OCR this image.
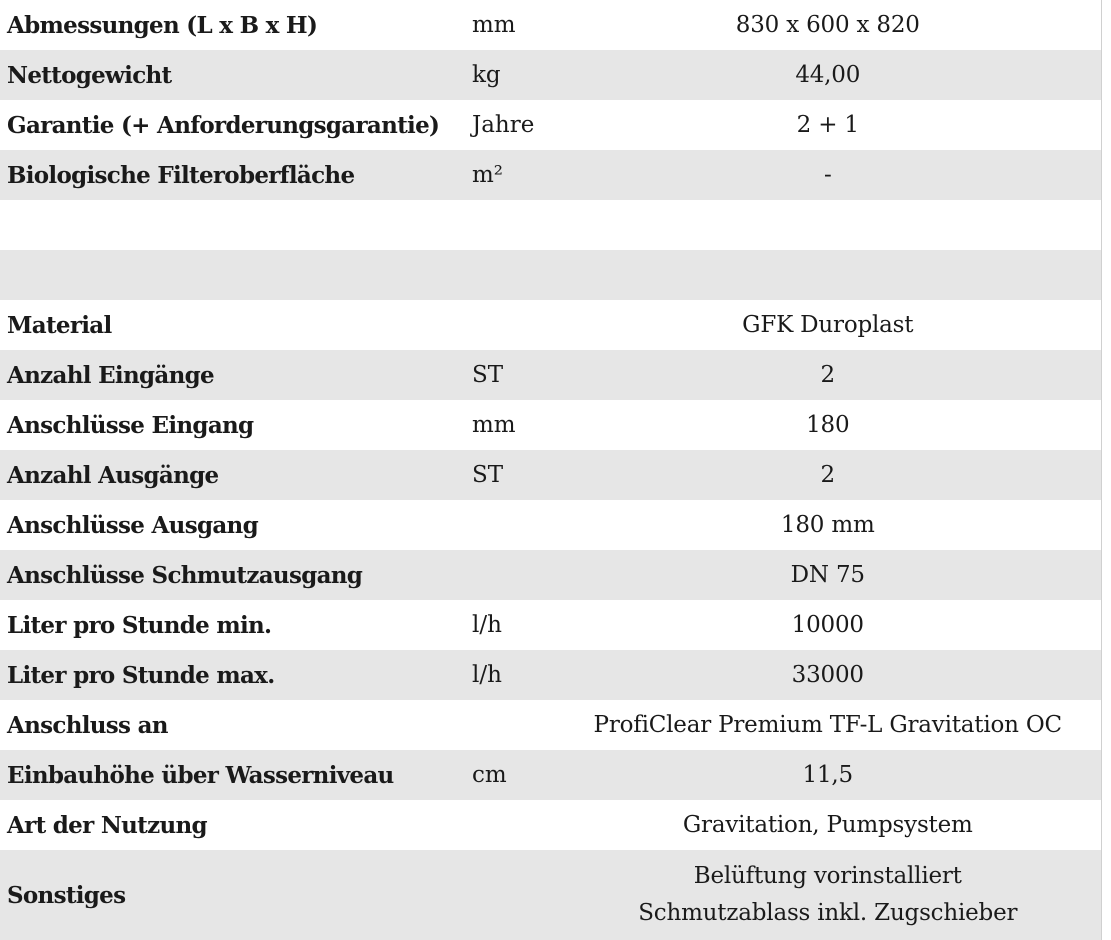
Abmessungen (L x B x H)	mm	830 x 600 x 820
Nettogewicht	kg	44,00
Garantie (+ Anforderungsgarantie)	Jahre	2 + 1
Biologische Filteroberfläche	m²	-

Material		GFK Duroplast
Anzahl Eingänge	ST	2
Anschlüsse Eingang	mm	180
Anzahl Ausgänge	ST	2
Anschlüsse Ausgang		180 mm
Anschlüsse Schmutzausgang		DN 75
Liter pro Stunde min.	l/h	10000
Liter pro Stunde max.	l/h	33000
Anschluss an		ProfiClear Premium TF-L Gravitation OC
Einbauhöhe über Wasserniveau	cm	11,5
Art der Nutzung		Gravitation, Pumpsystem
Sonstiges		Belüftung vorinstalliert
Schmutzablass inkl. Zugschieber
